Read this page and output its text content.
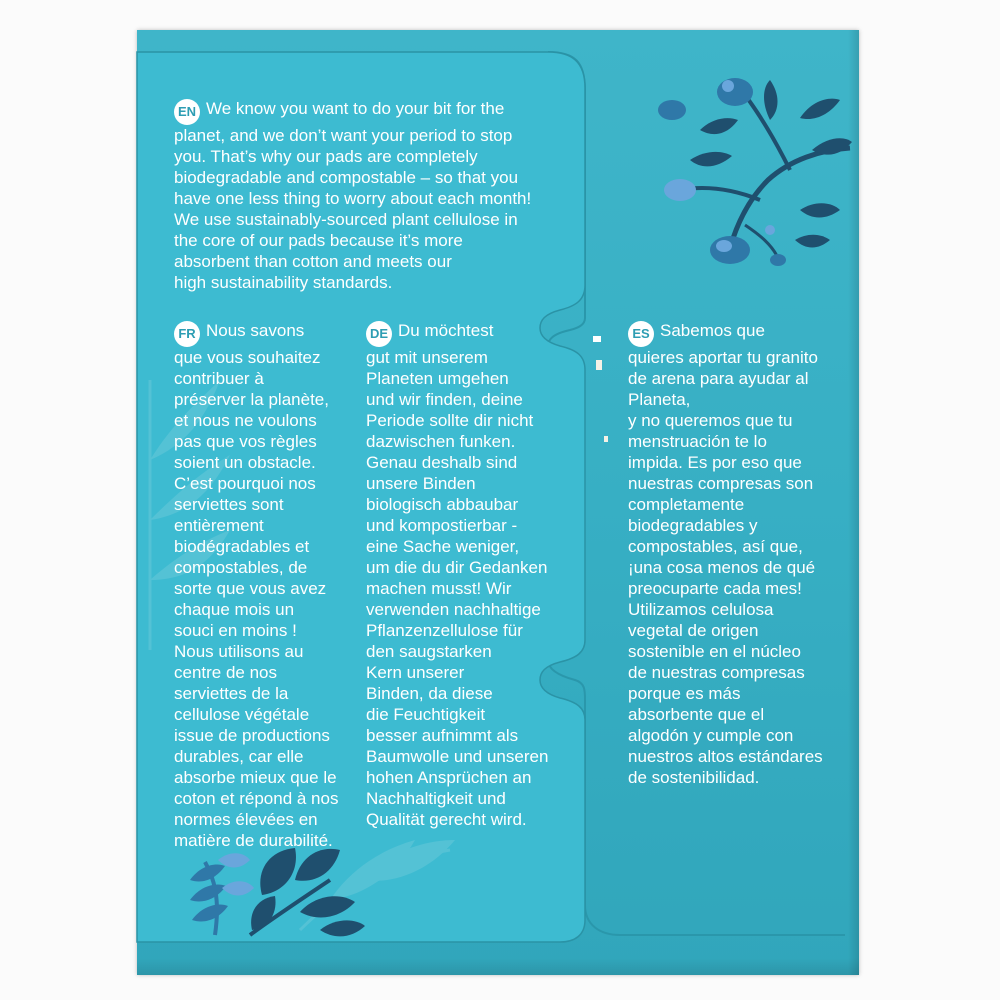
EN We know you want to do your bit for the
planet, and we don’t want your period to stop
you. That’s why our pads are completely
biodegradable and compostable – so that you
have one less thing to worry about each month!
We use sustainably-sourced plant cellulose in
the core of our pads because it’s more
absorbent than cotton and meets our
high sustainability standards.

FR Nous savons
que vous souhaitez
contribuer à
préserver la planète,
et nous ne voulons
pas que vos règles
soient un obstacle.
C’est pourquoi nos
serviettes sont
entièrement
biodégradables et
compostables, de
sorte que vous avez
chaque mois un
souci en moins !
Nous utilisons au
centre de nos
serviettes de la
cellulose végétale
issue de productions
durables, car elle
absorbe mieux que le
coton et répond à nos
normes élevées en
matière de durabilité.

DE Du möchtest
gut mit unserem
Planeten umgehen
und wir finden, deine
Periode sollte dir nicht
dazwischen funken.
Genau deshalb sind
unsere Binden
biologisch abbaubar
und kompostierbar -
eine Sache weniger,
um die du dir Gedanken
machen musst! Wir
verwenden nachhaltige
Pflanzenzellulose für
den saugstarken
Kern unserer
Binden, da diese
die Feuchtigkeit
besser aufnimmt als
Baumwolle und unseren
hohen Ansprüchen an
Nachhaltigkeit und
Qualität gerecht wird.

ES Sabemos que
quieres aportar tu granito
de arena para ayudar al
Planeta,
y no queremos que tu
menstruación te lo
impida. Es por eso que
nuestras compresas son
completamente
biodegradables y
compostables, así que,
¡una cosa menos de qué
preocuparte cada mes!
Utilizamos celulosa
vegetal de origen
sostenible en el núcleo
de nuestras compresas
porque es más
absorbente que el
algodón y cumple con
nuestros altos estándares
de sostenibilidad.
